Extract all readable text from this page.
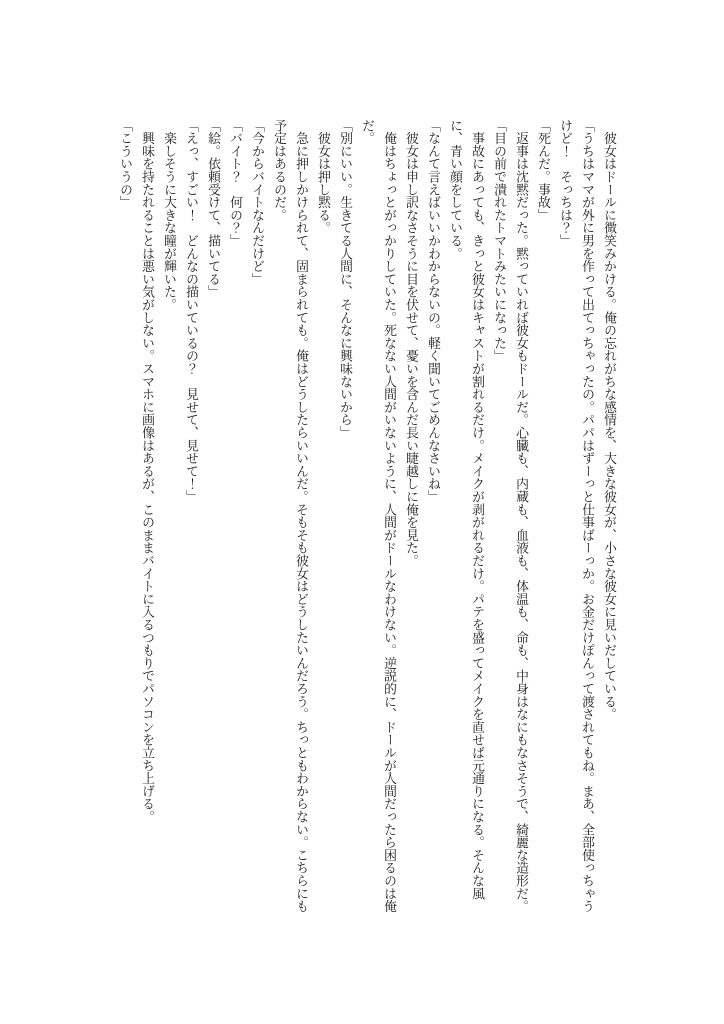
　彼女はドールに微笑みかける。俺の忘れがちな感情を、大きな彼女が、小さな彼女に見いだしている。

「うちはママが外に男を作って出てっちゃったの。パパはずーっと仕事ばーっか。お金だけぽんって渡されてもね。まあ、全部使っちゃう

けど！　そっちは？」

「死んだ。事故」

　返事は沈黙だった。黙っていれば彼女もドールだ。心臓も、内蔵も、血液も、体温も、命も、中身はなにもなさそうで、綺麗な造形だ。

「目の前で潰れたトマトみたいになった」

　事故にあっても、きっと彼女はキャストが割れるだけ。メイクが剥がれるだけ。パテを盛ってメイクを直せば元通りになる。そんな風

に、青い顔をしている。

「なんて言えばいいかわからないの。軽く聞いてごめんなさいね」

　彼女は申し訳なさそうに目を伏せて、憂いを含んだ長い睫越しに俺を見た。

　俺はちょっとがっかりしていた。死なない人間がいないように、人間がドールなわけない。逆説的に、ドールが人間だったら困るのは俺

だ。

「別にいい。生きてる人間に、そんなに興味ないから」

　彼女は押し黙る。

　急に押しかけられて、固まられても。俺はどうしたらいいんだ。そもそも彼女はどうしたいんだろう。ちっともわからない。こちらにも

予定はあるのだ。

「今からバイトなんだけど」

「バイト？　何の？」

「絵。依頼受けて、描いてる」

「えっ、すごい！　どんなの描いているの？　見せて、見せて！」

　楽しそうに大きな瞳が輝いた。

　興味を持たれることは悪い気がしない。スマホに画像はあるが、このままバイトに入るつもりでパソコンを立ち上げる。

「こういうの」
